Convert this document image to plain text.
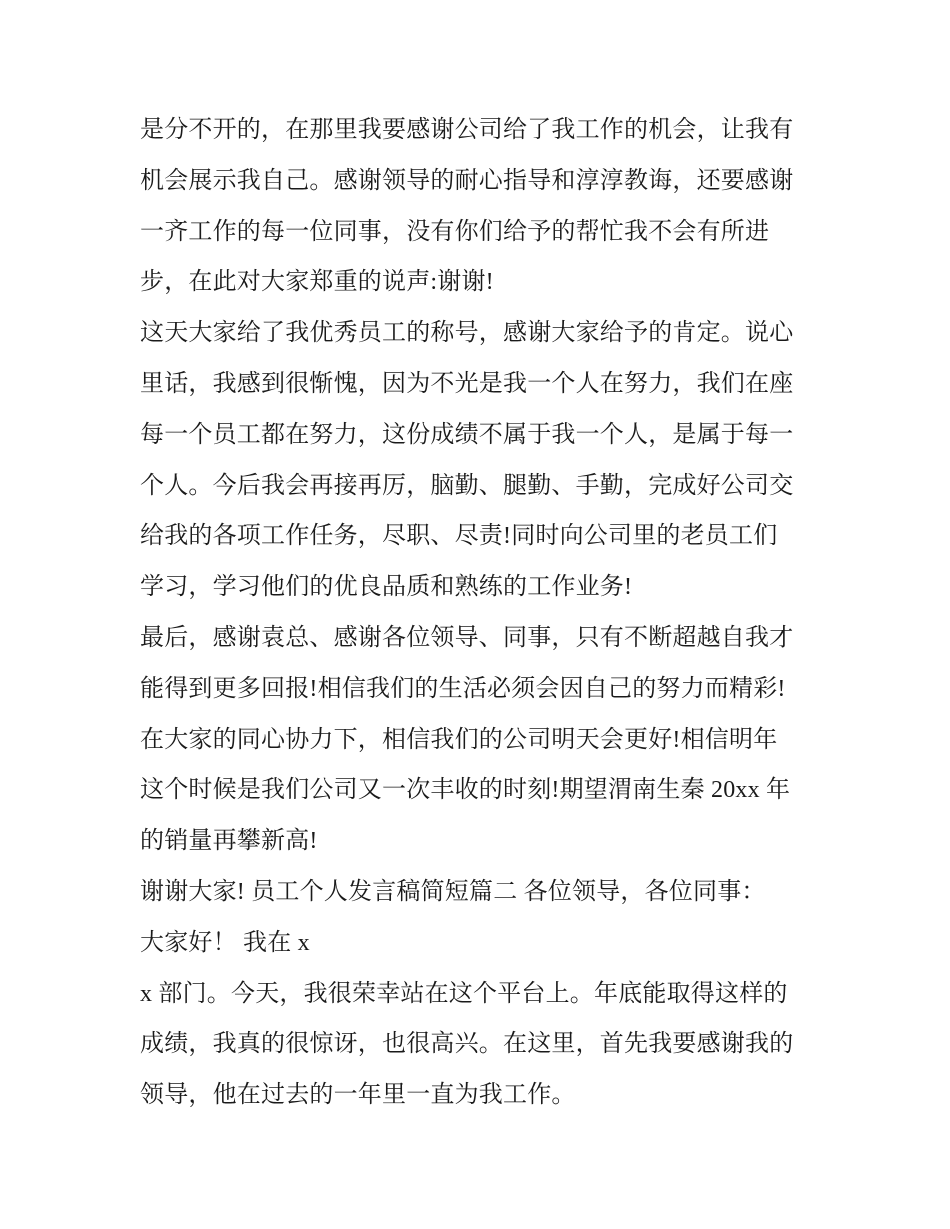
是分不开的，在那里我要感谢公司给了我工作的机会，让我有
机会展示我自己。感谢领导的耐心指导和淳淳教诲，还要感谢
一齐工作的每一位同事，没有你们给予的帮忙我不会有所进
步，在此对大家郑重的说声:谢谢!
这天大家给了我优秀员工的称号，感谢大家给予的肯定。说心
里话，我感到很惭愧，因为不光是我一个人在努力，我们在座
每一个员工都在努力，这份成绩不属于我一个人，是属于每一
个人。今后我会再接再厉，脑勤、腿勤、手勤，完成好公司交
给我的各项工作任务，尽职、尽责!同时向公司里的老员工们
学习，学习他们的优良品质和熟练的工作业务!
最后，感谢袁总、感谢各位领导、同事，只有不断超越自我才
能得到更多回报!相信我们的生活必须会因自己的努力而精彩!
在大家的同心协力下，相信我们的公司明天会更好!相信明年
这个时候是我们公司又一次丰收的时刻!期望渭南生秦 20xx 年
的销量再攀新高!
谢谢大家! 员工个人发言稿简短篇二 各位领导，各位同事：
大家好！ 我在 x
x 部门。今天，我很荣幸站在这个平台上。年底能取得这样的
成绩，我真的很惊讶，也很高兴。在这里，首先我要感谢我的
领导，他在过去的一年里一直为我工作。
